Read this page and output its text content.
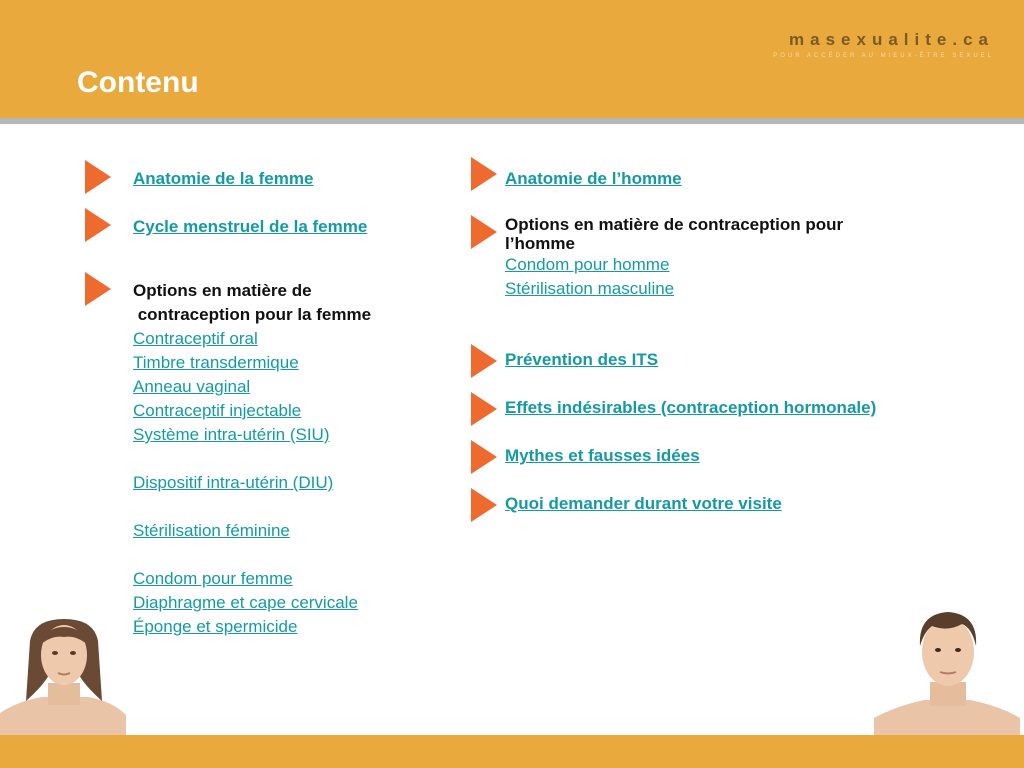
Contenu
masexualite.ca
POUR ACCÉDER AU MIEUX-ÊTRE SEXUEL
Anatomie de la femme
Cycle menstruel de la femme
Options en matière de
contraception pour la femme
Contraceptif oral
Timbre transdermique
Anneau vaginal
Contraceptif injectable
Système intra-utérin (SIU)
Dispositif intra-utérin (DIU)
Stérilisation féminine
Condom pour femme
Diaphragme et cape cervicale
Éponge et spermicide
Anatomie de l’homme
Options en matière de contraception pour
l’homme
Condom pour homme
Stérilisation masculine
Prévention des ITS
Effets indésirables (contraception hormonale)
Mythes et fausses idées
Quoi demander durant votre visite
